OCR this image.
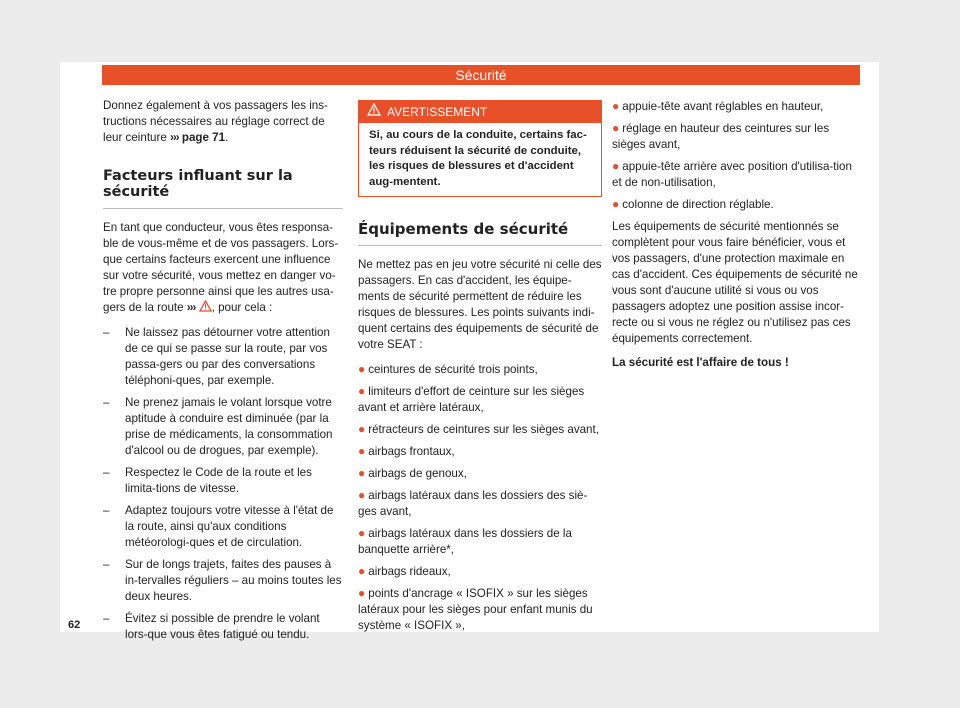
Sécurité

Donnez également à vos passagers les ins-tructions nécessaires au réglage correct de leur ceinture ››› page 71.

Facteurs influant sur la sécurité

En tant que conducteur, vous êtes responsa-ble de vous-même et de vos passagers. Lors-que certains facteurs exercent une influence sur votre sécurité, vous mettez en danger vo-tre propre personne ainsi que les autres usa-gers de la route ››› , pour cela :

– Ne laissez pas détourner votre attention de ce qui se passe sur la route, par vos passa-gers ou par des conversations téléphoni-ques, par exemple.
– Ne prenez jamais le volant lorsque votre aptitude à conduire est diminuée (par la prise de médicaments, la consommation d'alcool ou de drogues, par exemple).
– Respectez le Code de la route et les limita-tions de vitesse.
– Adaptez toujours votre vitesse à l'état de la route, ainsi qu'aux conditions météorologi-ques et de circulation.
– Sur de longs trajets, faites des pauses à in-tervalles réguliers – au moins toutes les deux heures.
– Évitez si possible de prendre le volant lors-que vous êtes fatigué ou tendu.
AVERTISSEMENT
Si, au cours de la conduite, certains fac-teurs réduisent la sécurité de conduite, les risques de blessures et d'accident aug-mentent.
Équipements de sécurité

Ne mettez pas en jeu votre sécurité ni celle des passagers. En cas d'accident, les équipe-ments de sécurité permettent de réduire les risques de blessures. Les points suivants indi-quent certains des équipements de sécurité de votre SEAT :

● ceintures de sécurité trois points,
● limiteurs d'effort de ceinture sur les sièges avant et arrière latéraux,
● rétracteurs de ceintures sur les sièges avant,
● airbags frontaux,
● airbags de genoux,
● airbags latéraux dans les dossiers des siè-ges avant,
● airbags latéraux dans les dossiers de la banquette arrière*,
● airbags rideaux,
● points d'ancrage « ISOFIX » sur les sièges latéraux pour les sièges pour enfant munis du système « ISOFIX »,
● appuie-tête avant réglables en hauteur,
● réglage en hauteur des ceintures sur les sièges avant,
● appuie-tête arrière avec position d'utilisa-tion et de non-utilisation,
● colonne de direction réglable.

Les équipements de sécurité mentionnés se complètent pour vous faire bénéficier, vous et vos passagers, d'une protection maximale en cas d'accident. Ces équipements de sécurité ne vous sont d'aucune utilité si vous ou vos passagers adoptez une position assise incor-recte ou si vous ne réglez ou n'utilisez pas ces équipements correctement.

La sécurité est l'affaire de tous !

62
